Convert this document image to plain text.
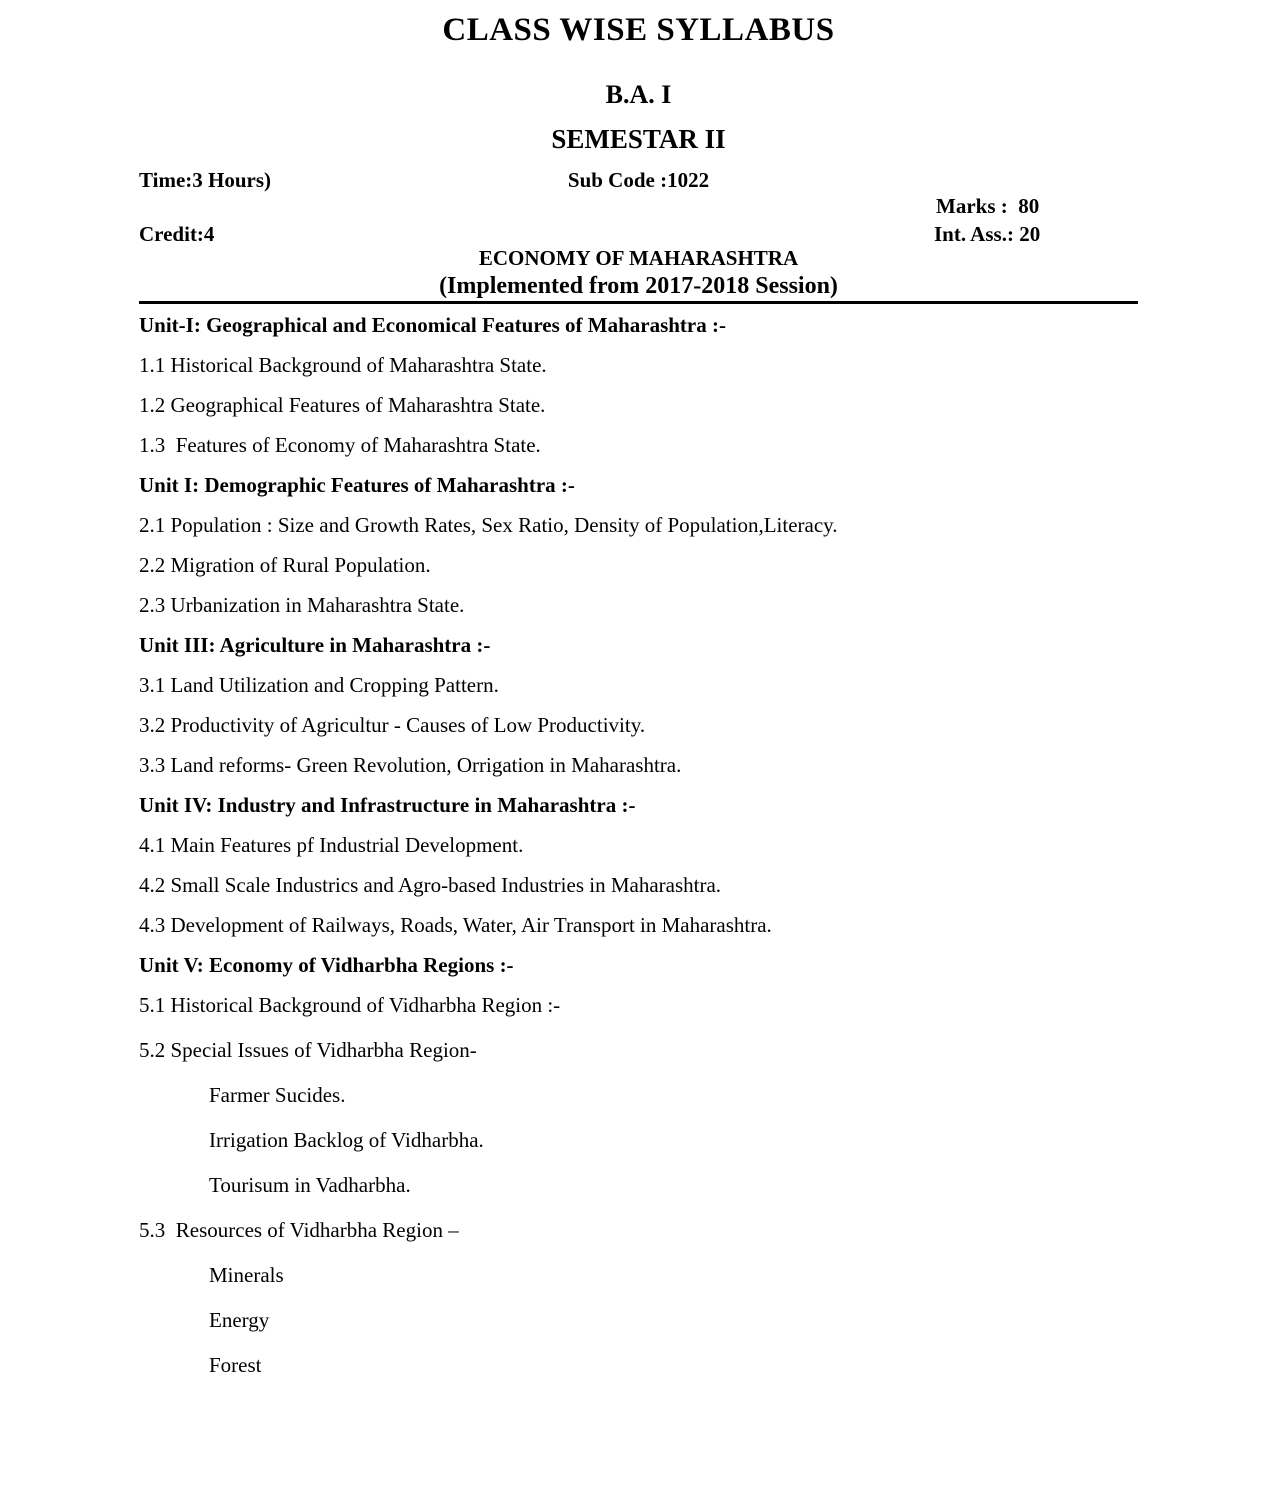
CLASS WISE SYLLABUS
B.A. I
SEMESTAR II

Time:3 Hours)

	Sub Code :1022

Marks :  80

Credit:4

	Int. Ass.: 20

ECONOMY OF MAHARASHTRA
(Implemented from 2017-2018 Session)
Unit-I: Geographical and Economical Features of Maharashtra :-
1.1 Historical Background of Maharashtra State.
1.2 Geographical Features of Maharashtra State.
1.3  Features of Economy of Maharashtra State.
Unit I: Demographic Features of Maharashtra :-
2.1 Population : Size and Growth Rates, Sex Ratio, Density of Population,Literacy.
2.2 Migration of Rural Population.
2.3 Urbanization in Maharashtra State.
Unit III: Agriculture in Maharashtra :-
3.1 Land Utilization and Cropping Pattern.
3.2 Productivity of Agricultur - Causes of Low Productivity.
3.3 Land reforms- Green Revolution, Orrigation in Maharashtra.
Unit IV: Industry and Infrastructure in Maharashtra :-
4.1 Main Features pf Industrial Development.
4.2 Small Scale Industrics and Agro-based Industries in Maharashtra.
4.3 Development of Railways, Roads, Water, Air Transport in Maharashtra.
Unit V: Economy of Vidharbha Regions :-
5.1 Historical Background of Vidharbha Region :-
5.2 Special Issues of Vidharbha Region-
Farmer Sucides.
Irrigation Backlog of Vidharbha.
Tourisum in Vadharbha.
5.3  Resources of Vidharbha Region –
Minerals
Energy
Forest
